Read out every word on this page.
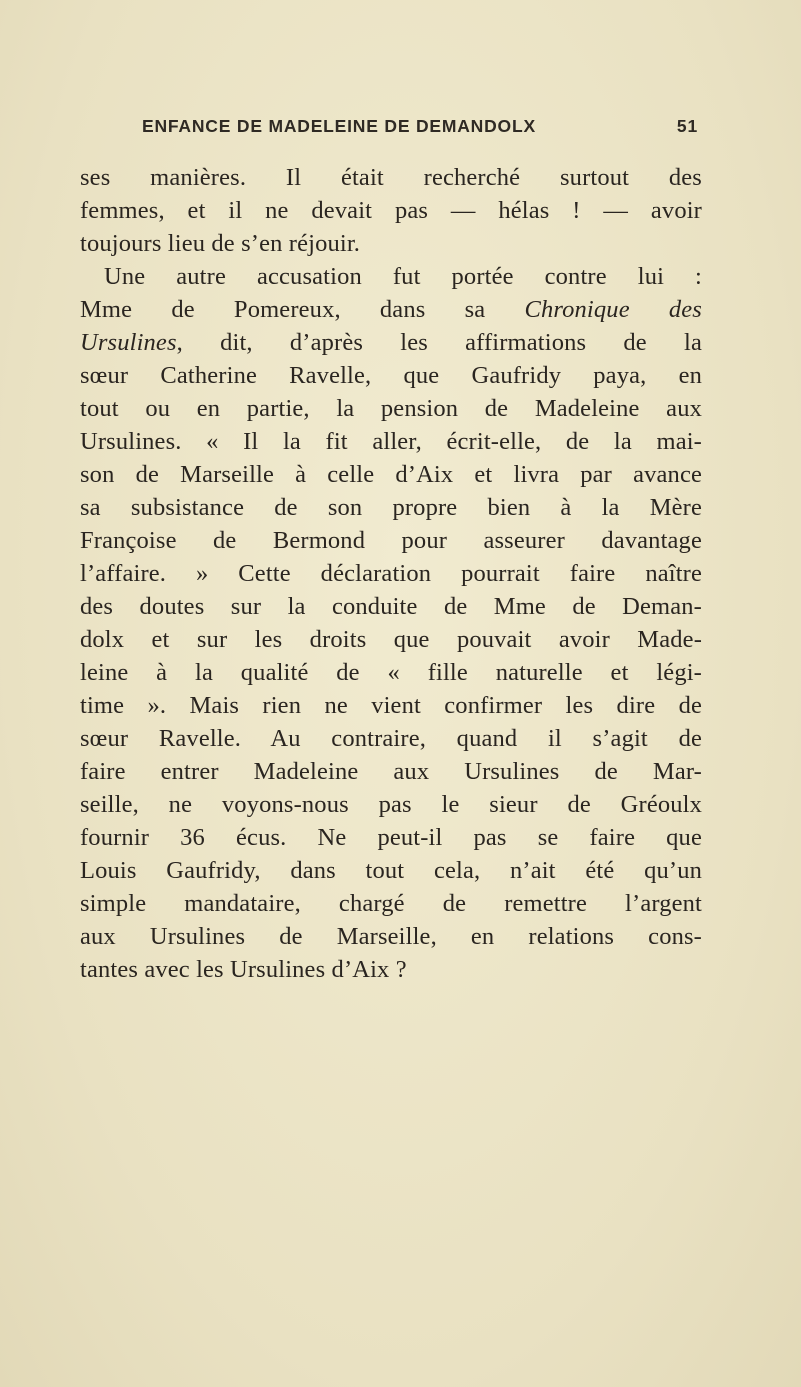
ENFANCE DE MADELEINE DE DEMANDOLX	51
ses manières. Il était recherché surtout des
femmes, et il ne devait pas — hélas ! — avoir
toujours lieu de s’en réjouir.
Une autre accusation fut portée contre lui :
Mme de Pomereux, dans sa Chronique des
Ursulines, dit, d’après les affirmations de la
sœur Catherine Ravelle, que Gaufridy paya, en
tout ou en partie, la pension de Madeleine aux
Ursulines. « Il la fit aller, écrit-elle, de la mai-
son de Marseille à celle d’Aix et livra par avance
sa subsistance de son propre bien à la Mère
Françoise de Bermond pour asseurer davantage
l’affaire. » Cette déclaration pourrait faire naître
des doutes sur la conduite de Mme de Deman-
dolx et sur les droits que pouvait avoir Made-
leine à la qualité de « fille naturelle et légi-
time ». Mais rien ne vient confirmer les dire de
sœur Ravelle. Au contraire, quand il s’agit de
faire entrer Madeleine aux Ursulines de Mar-
seille, ne voyons-nous pas le sieur de Gréoulx
fournir 36 écus. Ne peut-il pas se faire que
Louis Gaufridy, dans tout cela, n’ait été qu’un
simple mandataire, chargé de remettre l’argent
aux Ursulines de Marseille, en relations cons-
tantes avec les Ursulines d’Aix ?
